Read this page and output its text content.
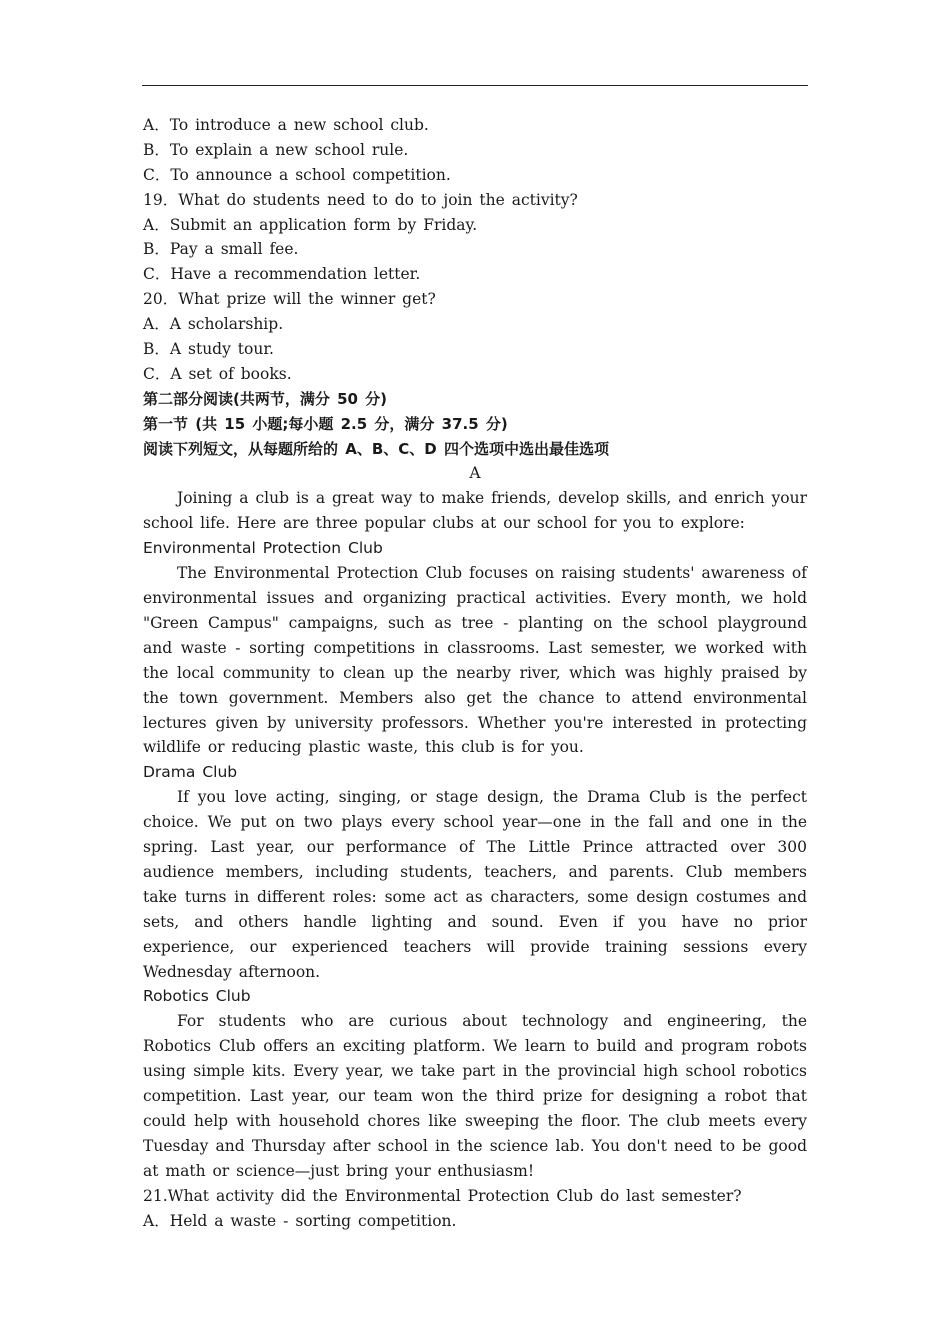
A．To introduce a new school club.
B．To explain a new school rule.
C．To announce a school competition.
19．What do students need to do to join the activity?
A．Submit an application form by Friday.
B．Pay a small fee.
C．Have a recommendation letter.
20．What prize will the winner get?
A．A scholarship.
B．A study tour.
C．A set of books.
第二部分阅读(共两节，满分 50 分)
第一节 (共 15 小题;每小题 2.5 分，满分 37.5 分)
阅读下列短文，从每题所给的 A、B、C、D 四个选项中选出最佳选项
A
Joining a club is a great way to make friends, develop skills, and enrich your school life. Here are three popular clubs at our school for you to explore:
Environmental Protection Club
The Environmental Protection Club focuses on raising students' awareness of environmental issues and organizing practical activities. Every month, we hold "Green Campus" campaigns, such as tree - planting on the school playground and waste - sorting competitions in classrooms. Last semester, we worked with the local community to clean up the nearby river, which was highly praised by the town government. Members also get the chance to attend environmental lectures given by university professors. Whether you're interested in protecting wildlife or reducing plastic waste, this club is for you.
Drama Club
If you love acting, singing, or stage design, the Drama Club is the perfect choice. We put on two plays every school year—one in the fall and one in the spring. Last year, our performance of The Little Prince attracted over 300 audience members, including students, teachers, and parents. Club members take turns in different roles: some act as characters, some design costumes and sets, and others handle lighting and sound. Even if you have no prior experience, our experienced teachers will provide training sessions every Wednesday afternoon.
Robotics Club
For students who are curious about technology and engineering, the Robotics Club offers an exciting platform. We learn to build and program robots using simple kits. Every year, we take part in the provincial high school robotics competition. Last year, our team won the third prize for designing a robot that could help with household chores like sweeping the floor. The club meets every Tuesday and Thursday after school in the science lab. You don't need to be good at math or science—just bring your enthusiasm!
21.What activity did the Environmental Protection Club do last semester?
A．Held a waste - sorting competition.
